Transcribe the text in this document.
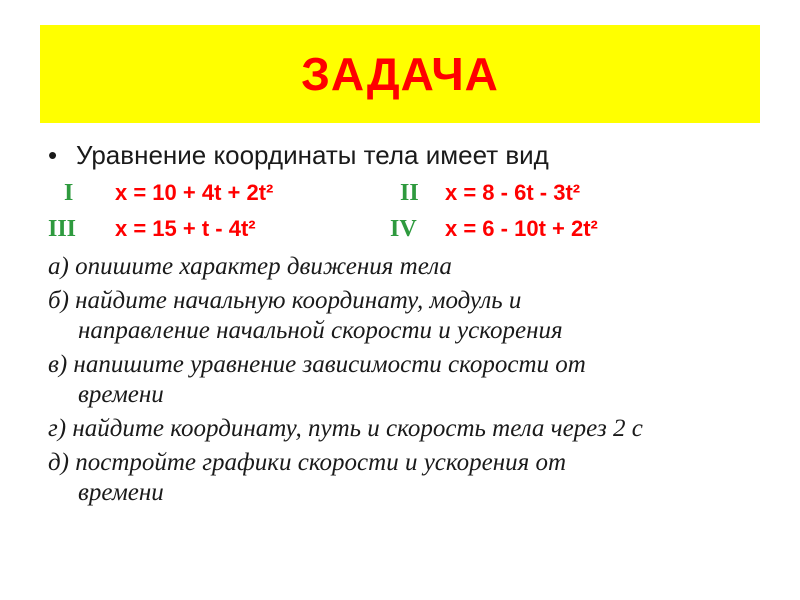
ЗАДАЧА
• Уравнение координаты тела имеет вид
I x = 10 + 4t + 2t²	II x = 8 - 6t - 3t²
III x = 15 + t - 4t²	IV x = 6 - 10t + 2t²
а) опишите характер движения тела
б) найдите начальную координату, модуль и
направление начальной скорости и ускорения
в) напишите уравнение зависимости скорости от
времени
г) найдите координату, путь и скорость тела через 2 с
д) постройте графики скорости и ускорения от
времени
